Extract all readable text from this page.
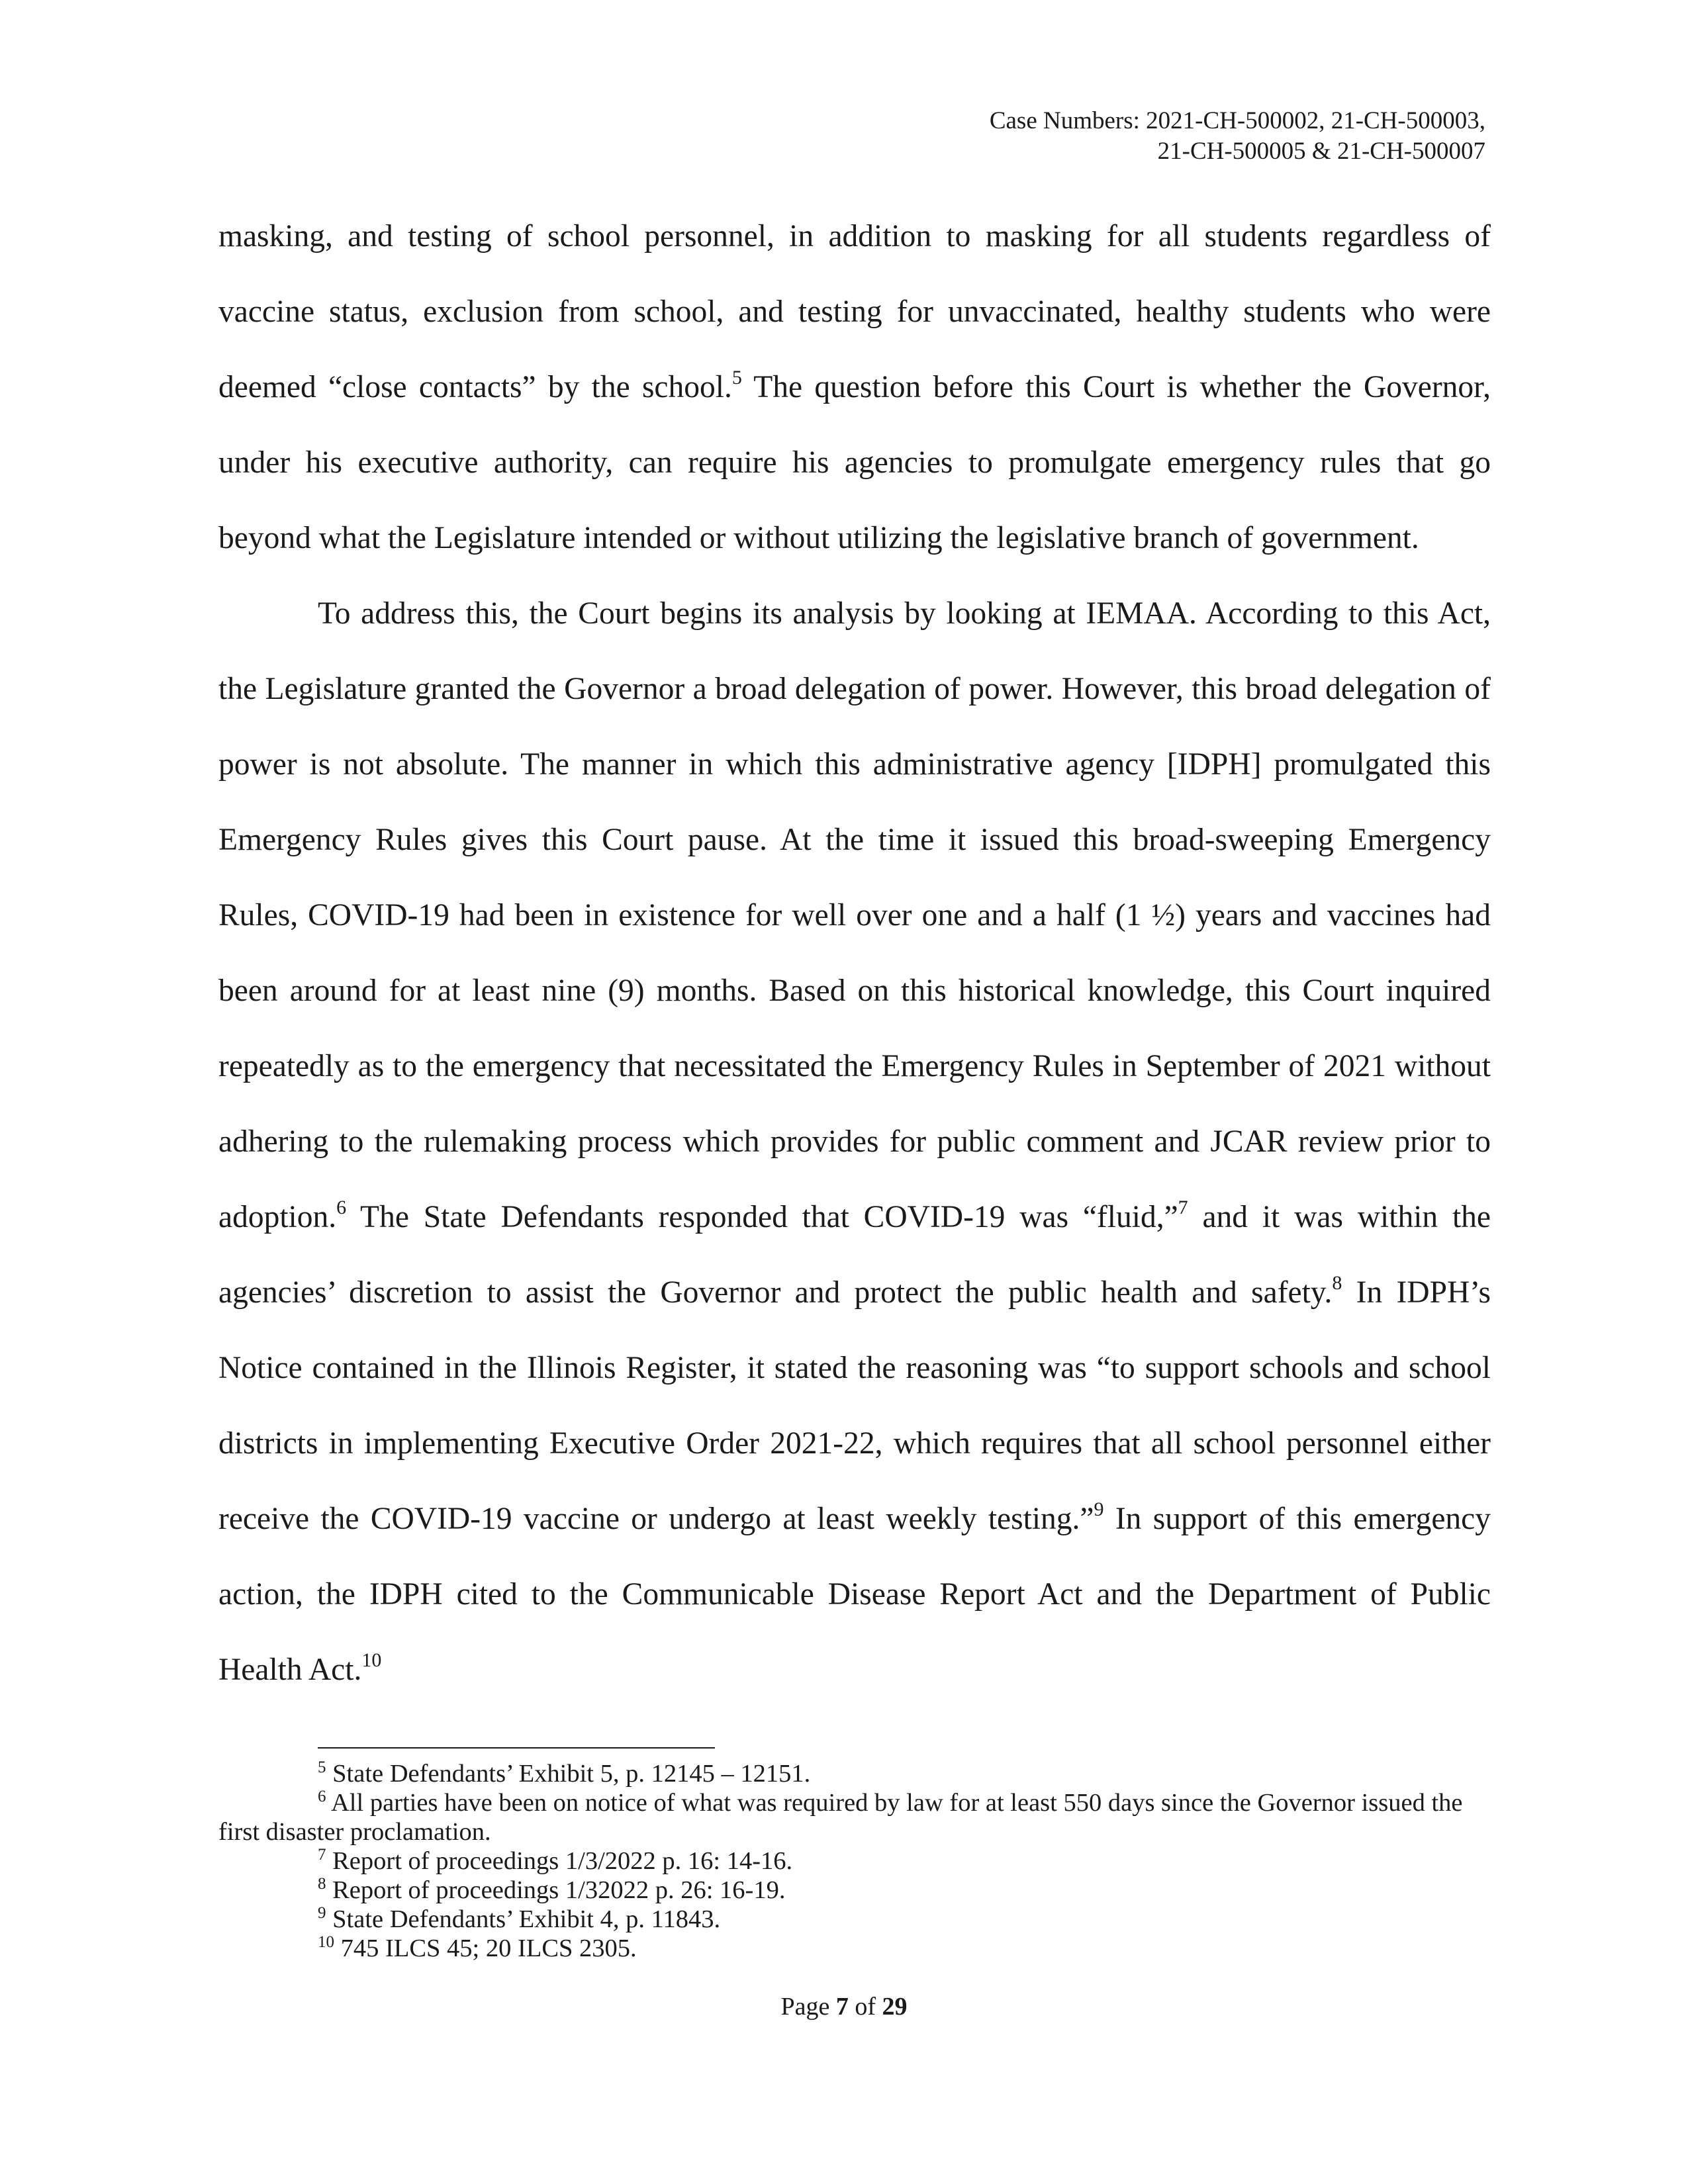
Case Numbers: 2021-CH-500002, 21-CH-500003,
21-CH-500005 & 21-CH-500007

masking, and testing of school personnel, in addition to masking for all students regardless of vaccine status, exclusion from school, and testing for unvaccinated, healthy students who were deemed “close contacts” by the school.$^5$ The question before this Court is whether the Governor, under his executive authority, can require his agencies to promulgate emergency rules that go beyond what the Legislature intended or without utilizing the legislative branch of government.

To address this, the Court begins its analysis by looking at IEMAA. According to this Act, the Legislature granted the Governor a broad delegation of power. However, this broad delegation of power is not absolute. The manner in which this administrative agency [IDPH] promulgated this Emergency Rules gives this Court pause. At the time it issued this broad-sweeping Emergency Rules, COVID-19 had been in existence for well over one and a half (1 ½) years and vaccines had been around for at least nine (9) months. Based on this historical knowledge, this Court inquired repeatedly as to the emergency that necessitated the Emergency Rules in September of 2021 without adhering to the rulemaking process which provides for public comment and JCAR review prior to adoption.$^6$ The State Defendants responded that COVID-19 was “fluid,”$^7$ and it was within the agencies’ discretion to assist the Governor and protect the public health and safety.$^8$ In IDPH’s Notice contained in the Illinois Register, it stated the reasoning was “to support schools and school districts in implementing Executive Order 2021-22, which requires that all school personnel either receive the COVID-19 vaccine or undergo at least weekly testing.”$^9$ In support of this emergency action, the IDPH cited to the Communicable Disease Report Act and the Department of Public Health Act.$^{10}$

$^5$ State Defendants’ Exhibit 5, p. 12145 – 12151.

$^6$ All parties have been on notice of what was required by law for at least 550 days since the Governor issued the first disaster proclamation.

$^7$ Report of proceedings 1/3/2022 p. 16: 14-16.

$^8$ Report of proceedings 1/32022 p. 26: 16-19.

$^9$ State Defendants’ Exhibit 4, p. 11843.

$^{10}$ 745 ILCS 45; 20 ILCS 2305.

Page 7 of 29
